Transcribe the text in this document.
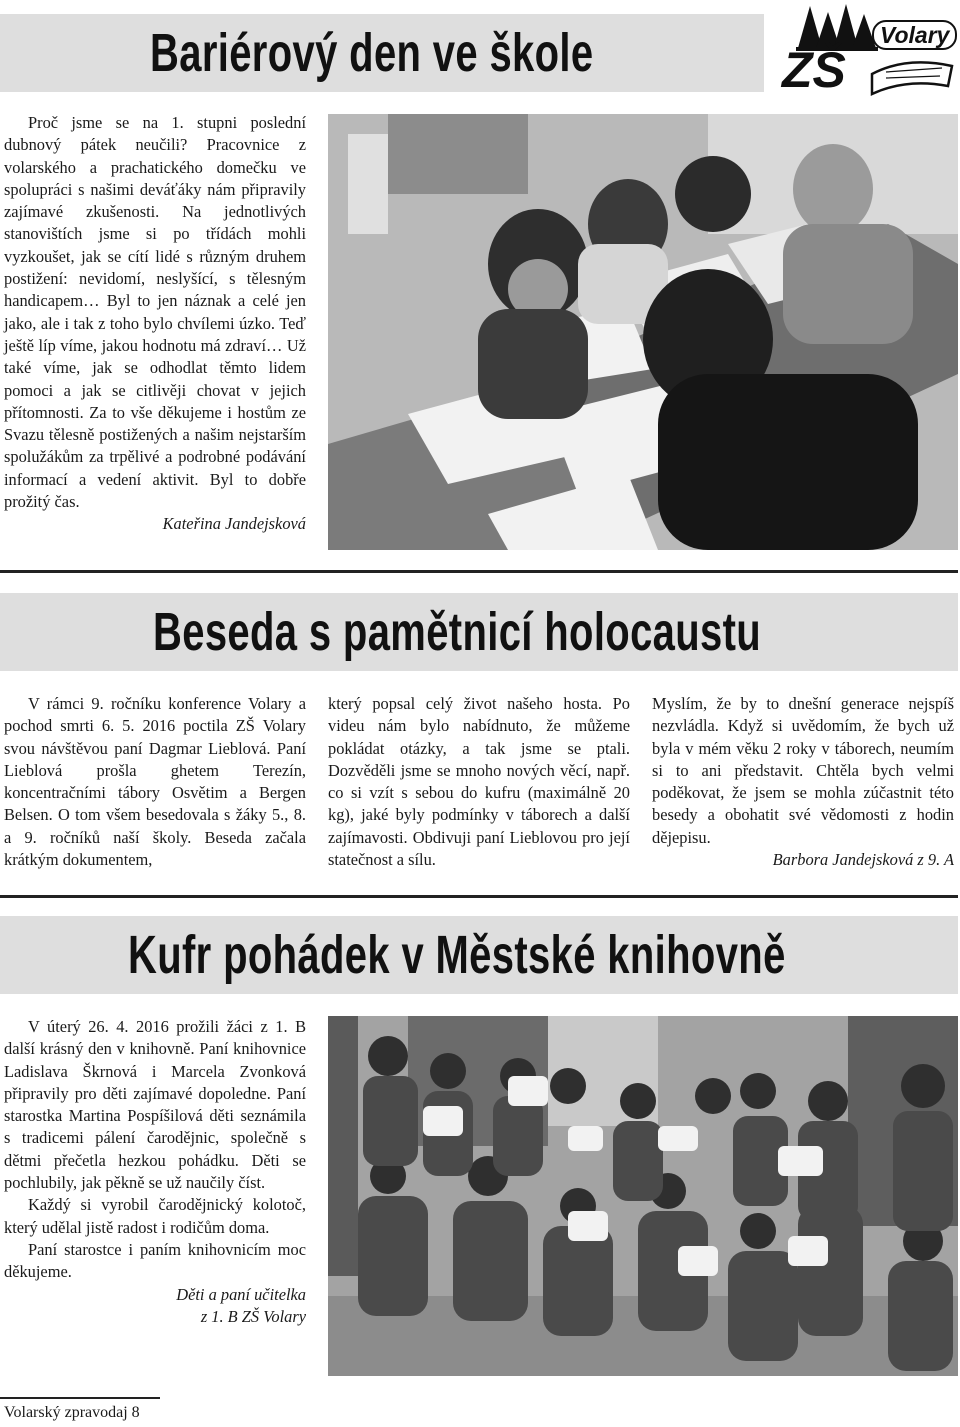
Bariérový den ve škole	ZŠ
Volary

Proč jsme se na 1. stupni poslední dubnový pátek neučili? Pracovnice z volarského a prachatického domečku ve spolupráci s našimi deváťáky nám připravily zajímavé zkušenosti. Na jednotlivých stanovištích jsme si po třídách mohli vyzkoušet, jak se cítí lidé s různým druhem postižení: nevidomí, neslyšící, s tělesným handicapem… Byl to jen náznak a celé jen jako, ale i tak z toho bylo chvílemi úzko. Teď ještě líp víme, jakou hodnotu má zdraví… Už také víme, jak se odhodlat těmto lidem pomoci a jak se citlivěji chovat v jejich přítomnosti. Za to vše děkujeme i hostům ze Svazu tělesně postižených a našim nejstarším spolužákům za trpělivé a podrobné podávání informací a vedení aktivit. Byl to dobře prožitý čas.

Kateřina Jandejsková

Beseda s pamětnicí holocaustu

V rámci 9. ročníku konference Volary a pochod smrti 6. 5. 2016 poctila ZŠ Volary svou návštěvou paní Dagmar Lieblová. Paní Lieblová prošla ghetem Terezín, koncentračními tábory Osvětim a Bergen Belsen. O tom všem besedovala s žáky 5., 8. a 9. ročníků naší školy. Beseda začala krátkým dokumentem,

který popsal celý život našeho hosta. Po videu nám bylo nabídnuto, že můžeme pokládat otázky, a tak jsme se ptali. Dozvěděli jsme se mnoho nových věcí, např. co si vzít s sebou do kufru (maximálně 20 kg), jaké byly podmínky v táborech a další zajímavosti. Obdivuji paní Lieblovou pro její statečnost a sílu.

Myslím, že by to dnešní generace nejspíš nezvládla. Když si uvědomím, že bych už byla v mém věku 2 roky v táborech, neumím si to ani představit. Chtěla bych velmi poděkovat, že jsem se mohla zúčastnit této besedy a obohatit své vědomosti z hodin dějepisu.

Barbora Jandejsková z 9. A

Kufr pohádek v Městské knihovně

V úterý 26. 4. 2016 prožili žáci z 1. B další krásný den v knihovně. Paní knihovnice Ladislava Škrnová i Marcela Zvonková připravily pro děti zajímavé dopoledne. Paní starostka Martina Pospíšilová děti seznámila s tradicemi pálení čarodějnic, společně s dětmi přečetla hezkou pohádku. Děti se pochlubily, jak pěkně se už naučily číst.

Každý si vyrobil čarodějnický kolotoč, který udělal jistě radost i rodičům doma.

Paní starostce i paním knihovnicím moc děkujeme.

Děti a paní učitelka

z 1. B ZŠ Volary

Volarský zpravodaj 8
